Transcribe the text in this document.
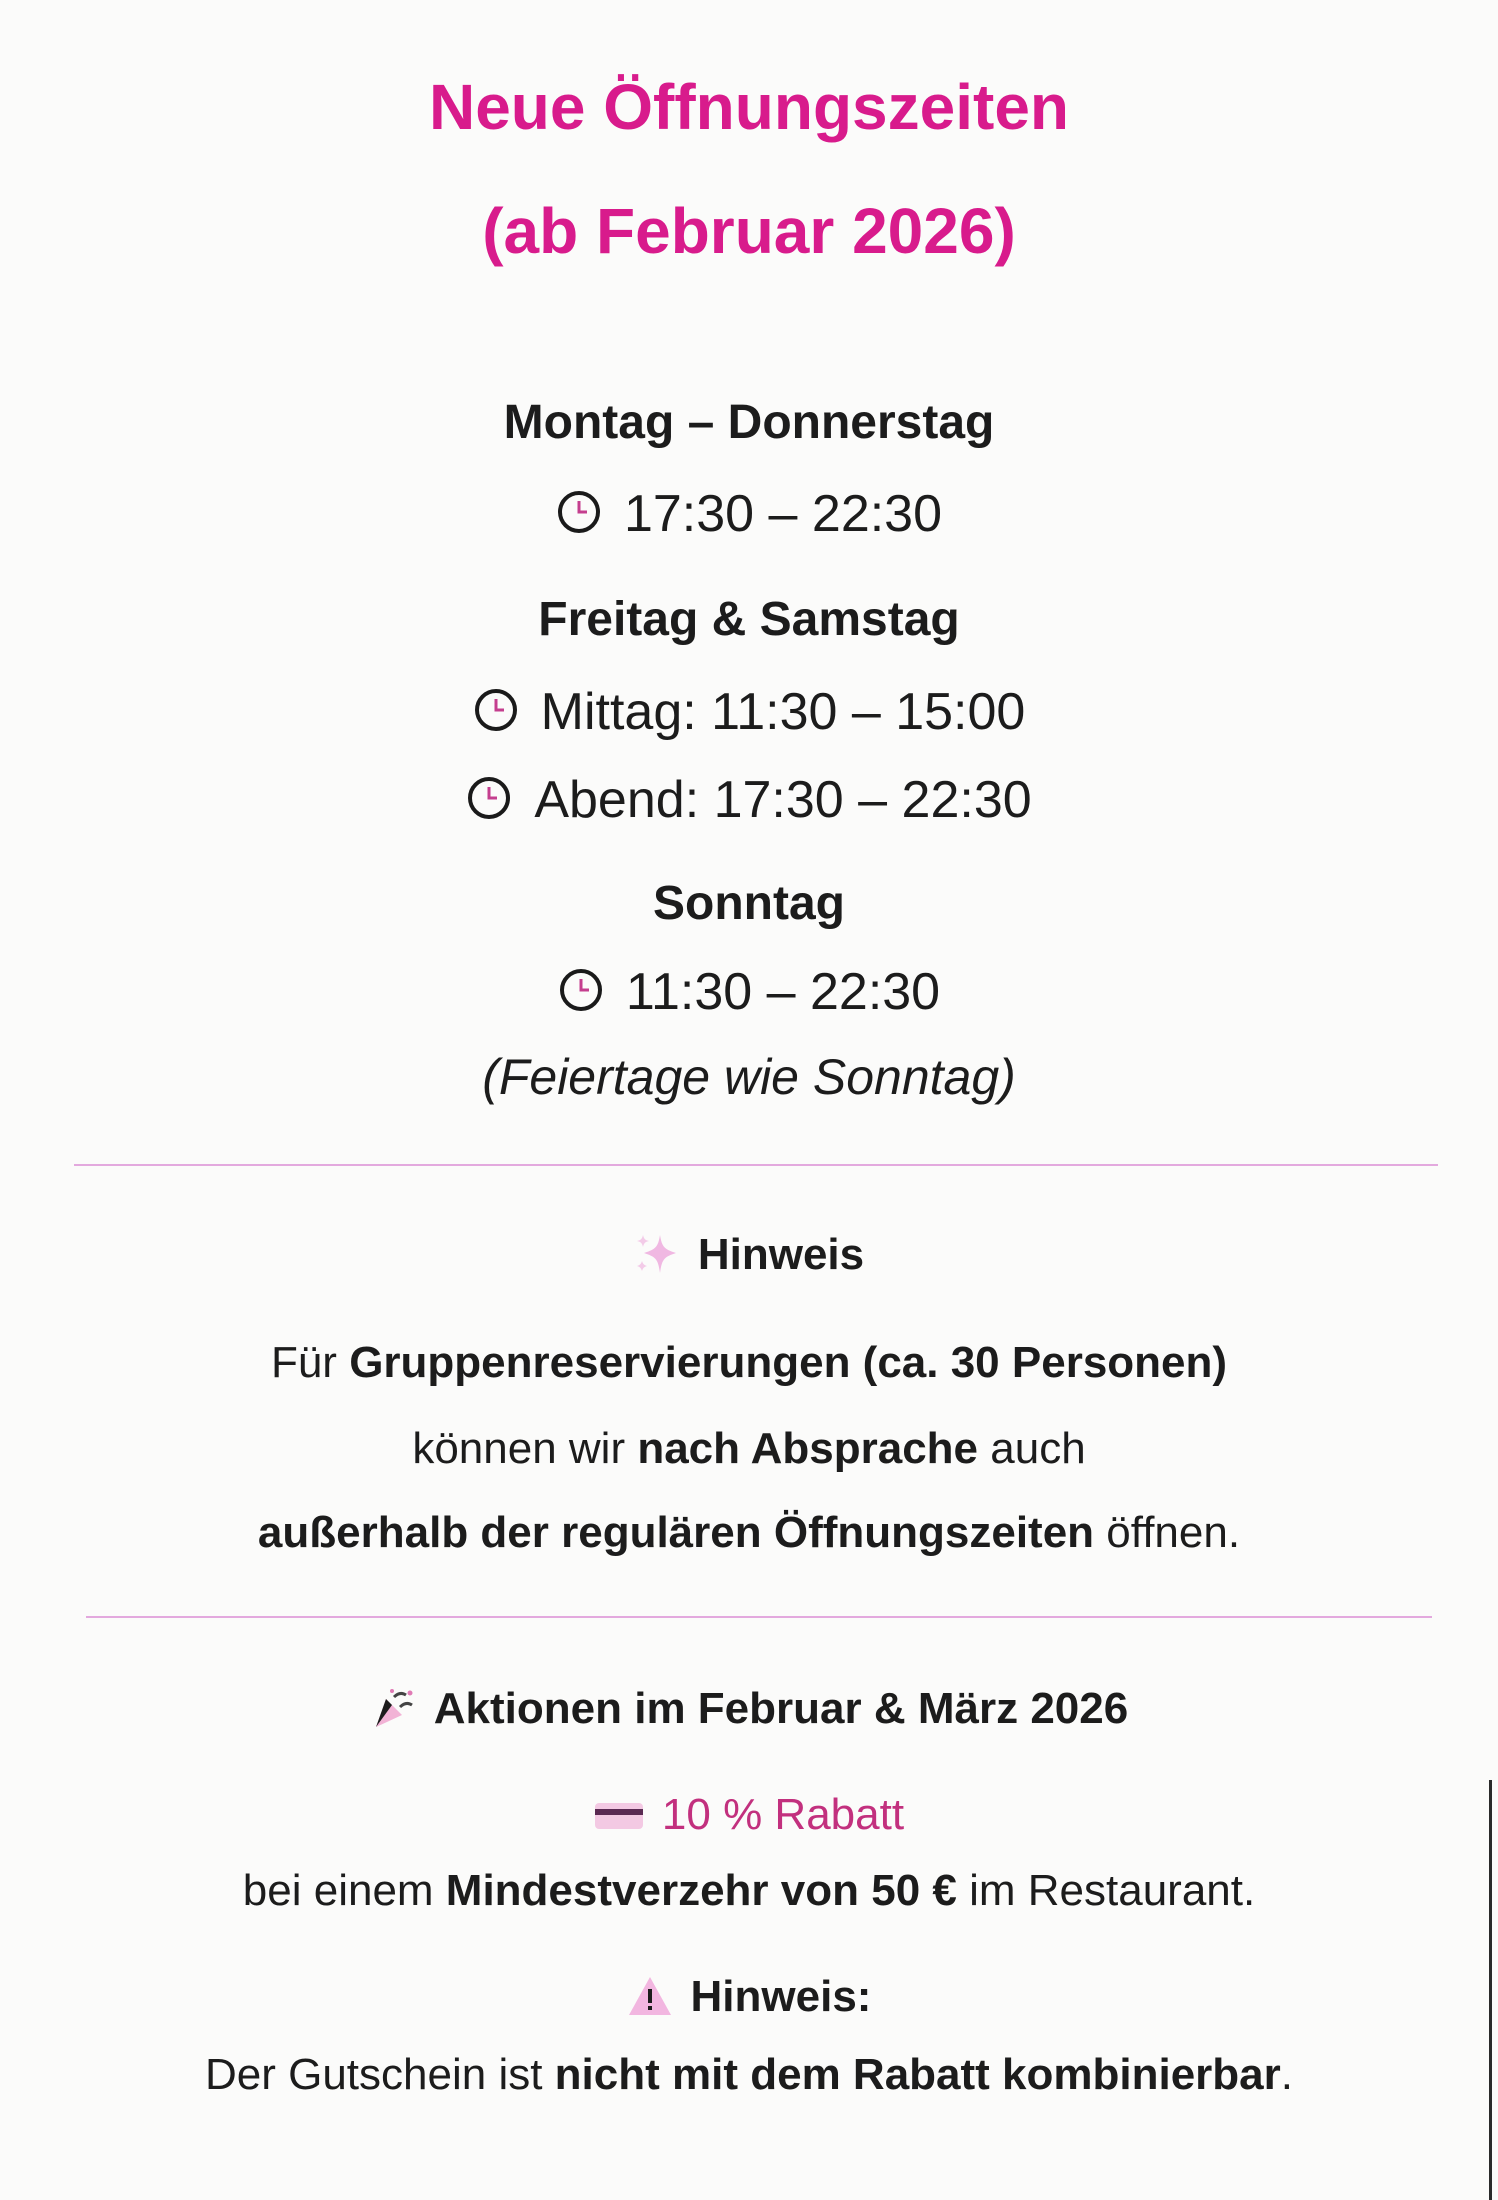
Neue Öffnungszeiten
(ab Februar 2026)
Montag – Donnerstag
17:30 – 22:30
Freitag & Samstag
Mittag: 11:30 – 15:00
Abend: 17:30 – 22:30
Sonntag
11:30 – 22:30
(Feiertage wie Sonntag)
Hinweis
Für Gruppenreservierungen (ca. 30 Personen)
können wir nach Absprache auch
außerhalb der regulären Öffnungszeiten öffnen.
Aktionen im Februar & März 2026
10 % Rabatt
bei einem Mindestverzehr von 50 € im Restaurant.
Hinweis:
Der Gutschein ist nicht mit dem Rabatt kombinierbar.
